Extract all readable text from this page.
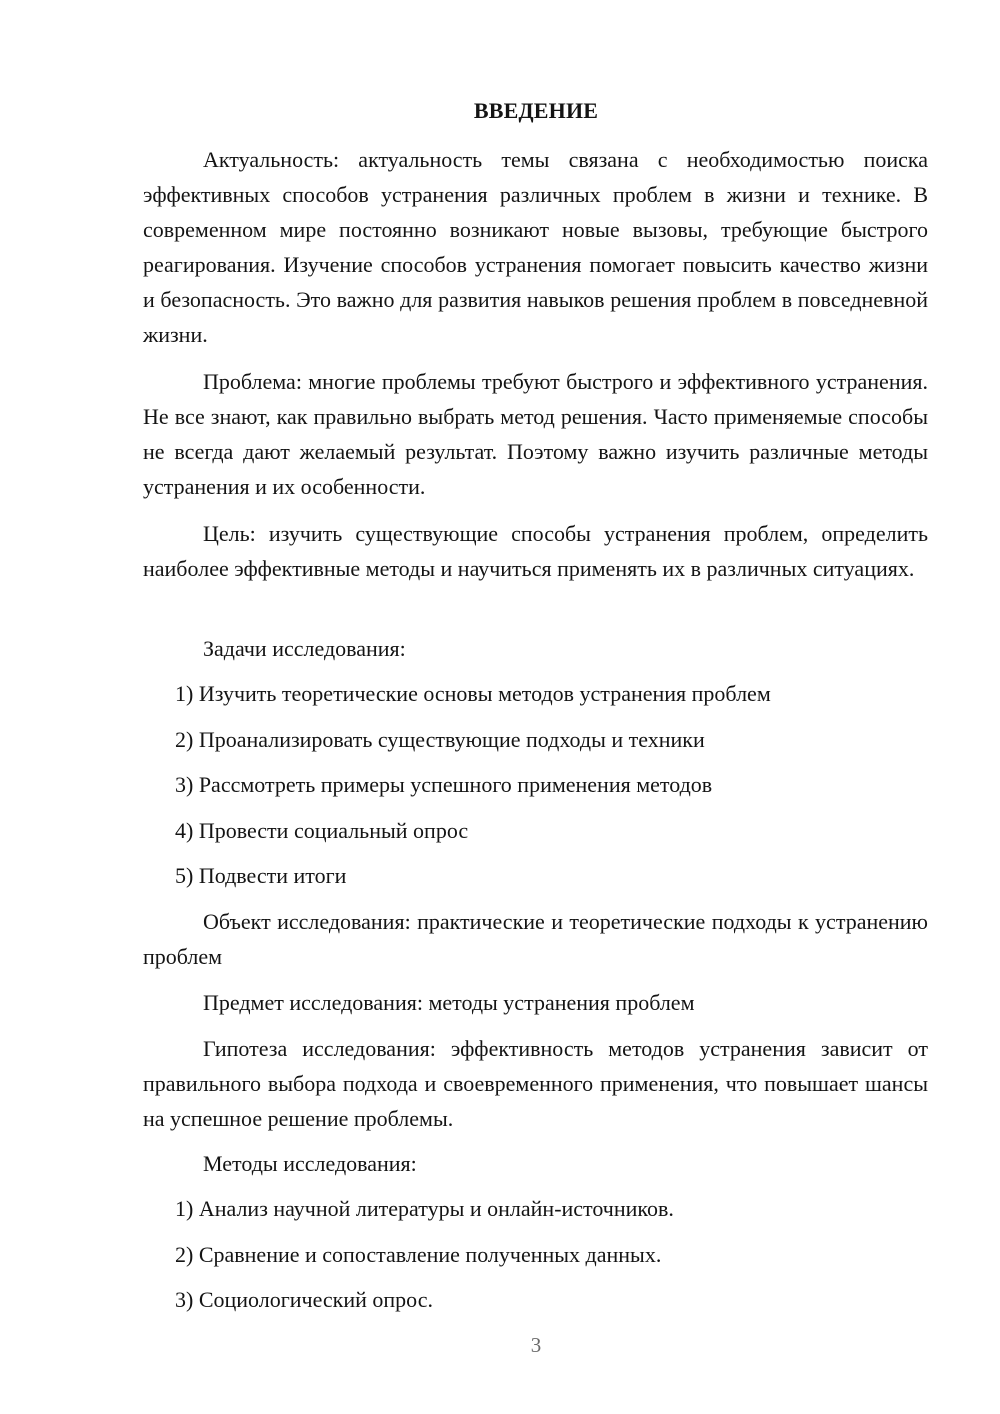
ВВЕДЕНИЕ

Актуальность: актуальность темы связана с необходимостью поиска эффективных способов устранения различных проблем в жизни и технике. В современном мире постоянно возникают новые вызовы, требующие быстрого реагирования. Изучение способов устранения помогает повысить качество жизни и безопасность. Это важно для развития навыков решения проблем в повседневной жизни.

Проблема: многие проблемы требуют быстрого и эффективного устранения. Не все знают, как правильно выбрать метод решения. Часто применяемые способы не всегда дают желаемый результат. Поэтому важно изучить различные методы устранения и их особенности.

Цель: изучить существующие способы устранения проблем, определить наиболее эффективные методы и научиться применять их в различных ситуациях.

Задачи исследования:

1) Изучить теоретические основы методов устранения проблем

2) Проанализировать существующие подходы и техники

3) Рассмотреть примеры успешного применения методов

4) Провести социальный опрос

5) Подвести итоги

Объект исследования: практические и теоретические подходы к устранению проблем

Предмет исследования: методы устранения проблем

Гипотеза исследования: эффективность методов устранения зависит от правильного выбора подхода и своевременного применения, что повышает шансы на успешное решение проблемы.

Методы исследования:

1) Анализ научной литературы и онлайн-источников.

2) Сравнение и сопоставление полученных данных.

3) Социологический опрос.

3
